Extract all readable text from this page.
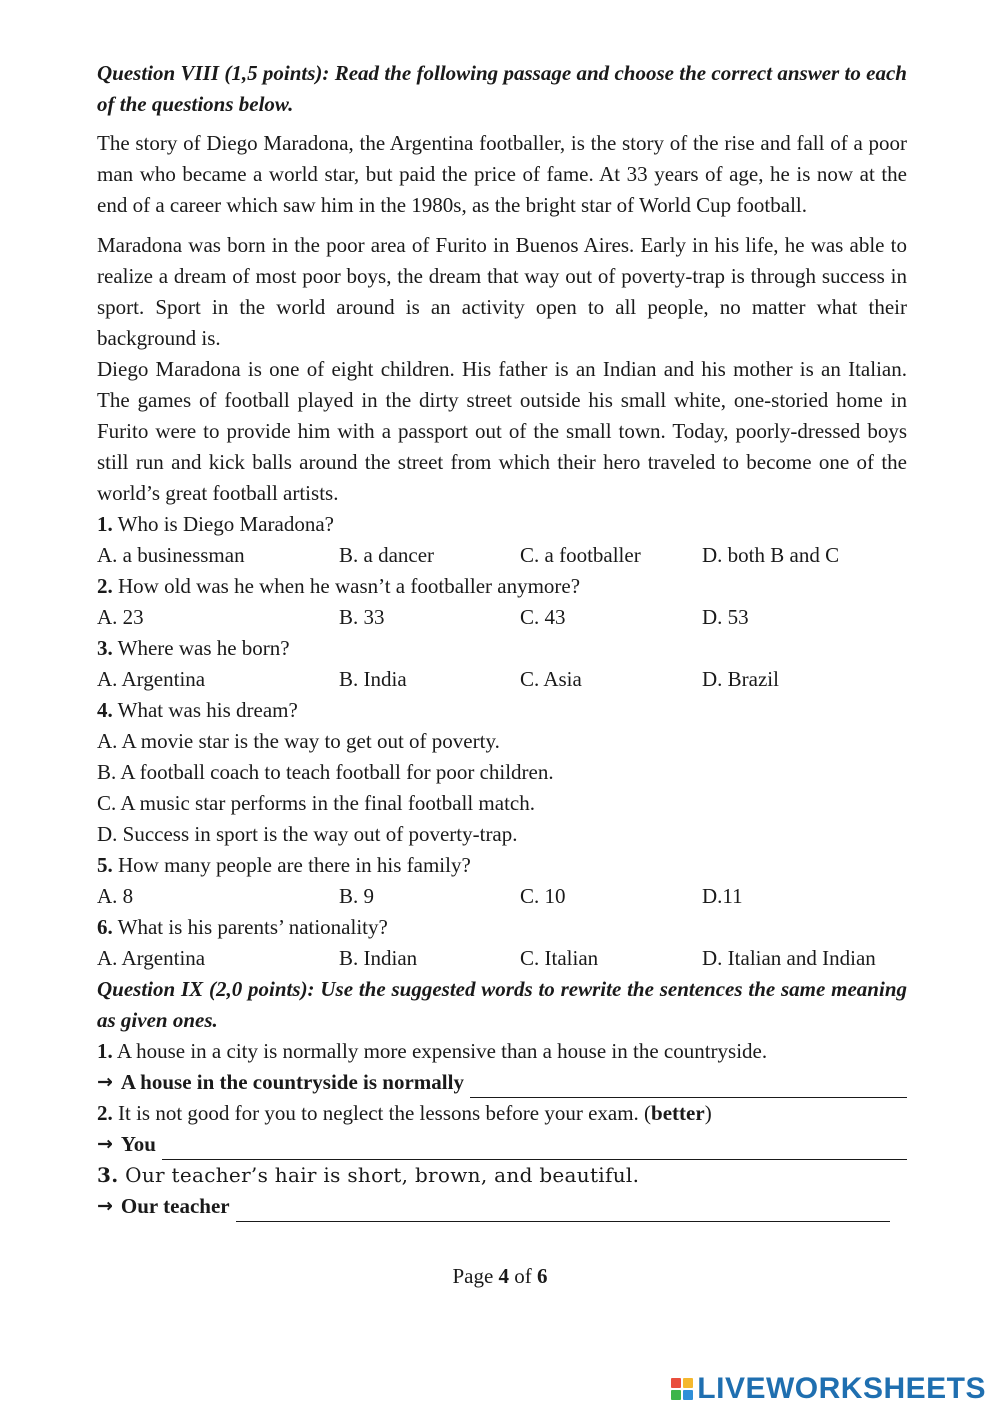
Question VIII (1,5 points): Read the following passage and choose the correct answer to each of the questions below.

The story of Diego Maradona, the Argentina footballer, is the story of the rise and fall of a poor man who became a world star, but paid the price of fame. At 33 years of age, he is now at the end of a career which saw him in the 1980s, as the bright star of World Cup football.

Maradona was born in the poor area of Furito in Buenos Aires. Early in his life, he was able to realize a dream of most poor boys, the dream that way out of poverty-trap is through success in sport. Sport in the world around is an activity open to all people, no matter what their background is.

Diego Maradona is one of eight children. His father is an Indian and his mother is an Italian. The games of football played in the dirty street outside his small white, one-storied home in Furito were to provide him with a passport out of the small town. Today, poorly-dressed boys still run and kick balls around the street from which their hero traveled to become one of the world’s great football artists.

1. Who is Diego Maradona?
A. a businessman	B. a dancer	C. a footballer	D. both B and C
2. How old was he when he wasn’t a footballer anymore?
A. 23	B. 33	C. 43	D. 53
3. Where was he born?
A. Argentina	B. India	C. Asia	D. Brazil
4. What was his dream?
A. A movie star is the way to get out of poverty.
B. A football coach to teach football for poor children.
C. A music star performs in the final football match.
D. Success in sport is the way out of poverty-trap.
5. How many people are there in his family?
A. 8	B. 9	C. 10	D.11
6. What is his parents’ nationality?
A. Argentina	B. Indian	C. Italian	D. Italian and Indian

Question IX (2,0 points): Use the suggested words to rewrite the sentences the same meaning as given ones.

1. A house in a city is normally more expensive than a house in the countryside.
→ A house in the countryside is normally
2. It is not good for you to neglect the lessons before your exam. (better)
→ You
3. Our teacher’s hair is short, brown, and beautiful.
→ Our teacher
Page 4 of 6
LIVEWORKSHEETS
